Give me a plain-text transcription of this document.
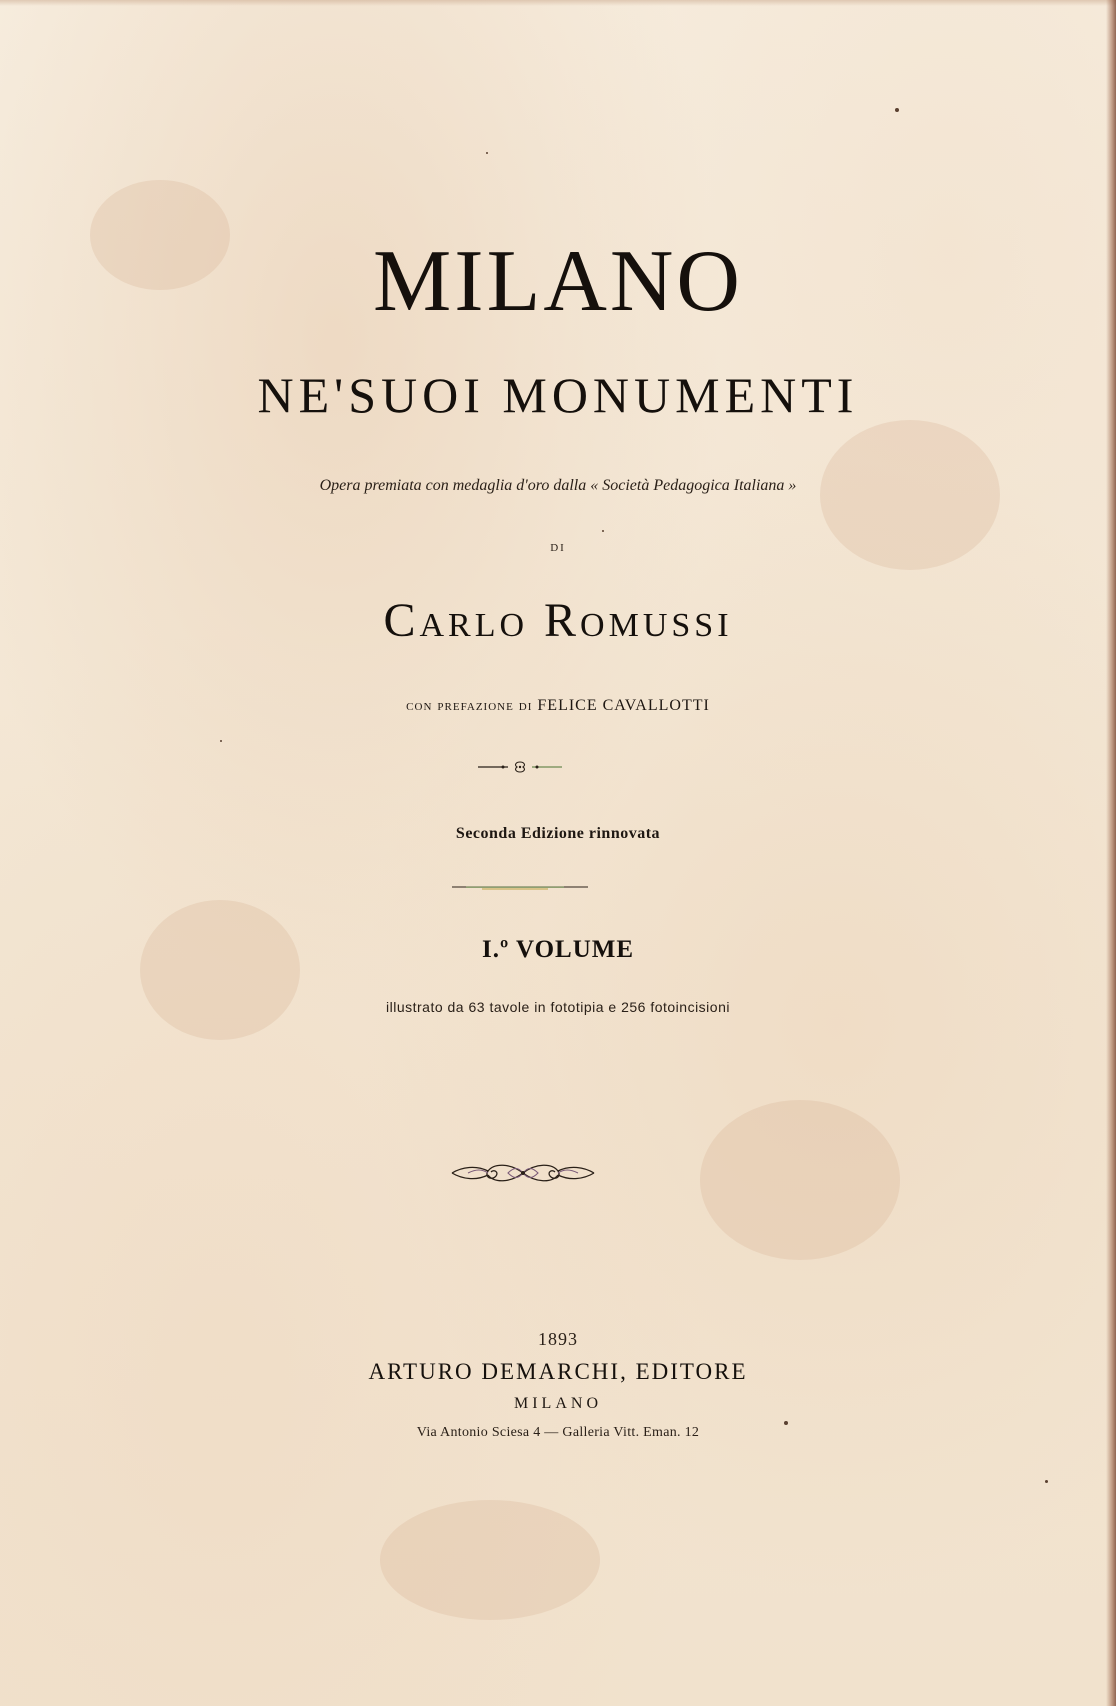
MILANO
NE'SUOI MONUMENTI
Opera premiata con medaglia d'oro dalla « Società Pedagogica Italiana »
DI
Carlo Romussi
con prefazione di FELICE CAVALLOTTI
Seconda Edizione rinnovata
I.º VOLUME
illustrato da 63 tavole in fototipia e 256 fotoincisioni
1893
ARTURO DEMARCHI, EDITORE
MILANO
Via Antonio Sciesa 4 — Galleria Vitt. Eman. 12
